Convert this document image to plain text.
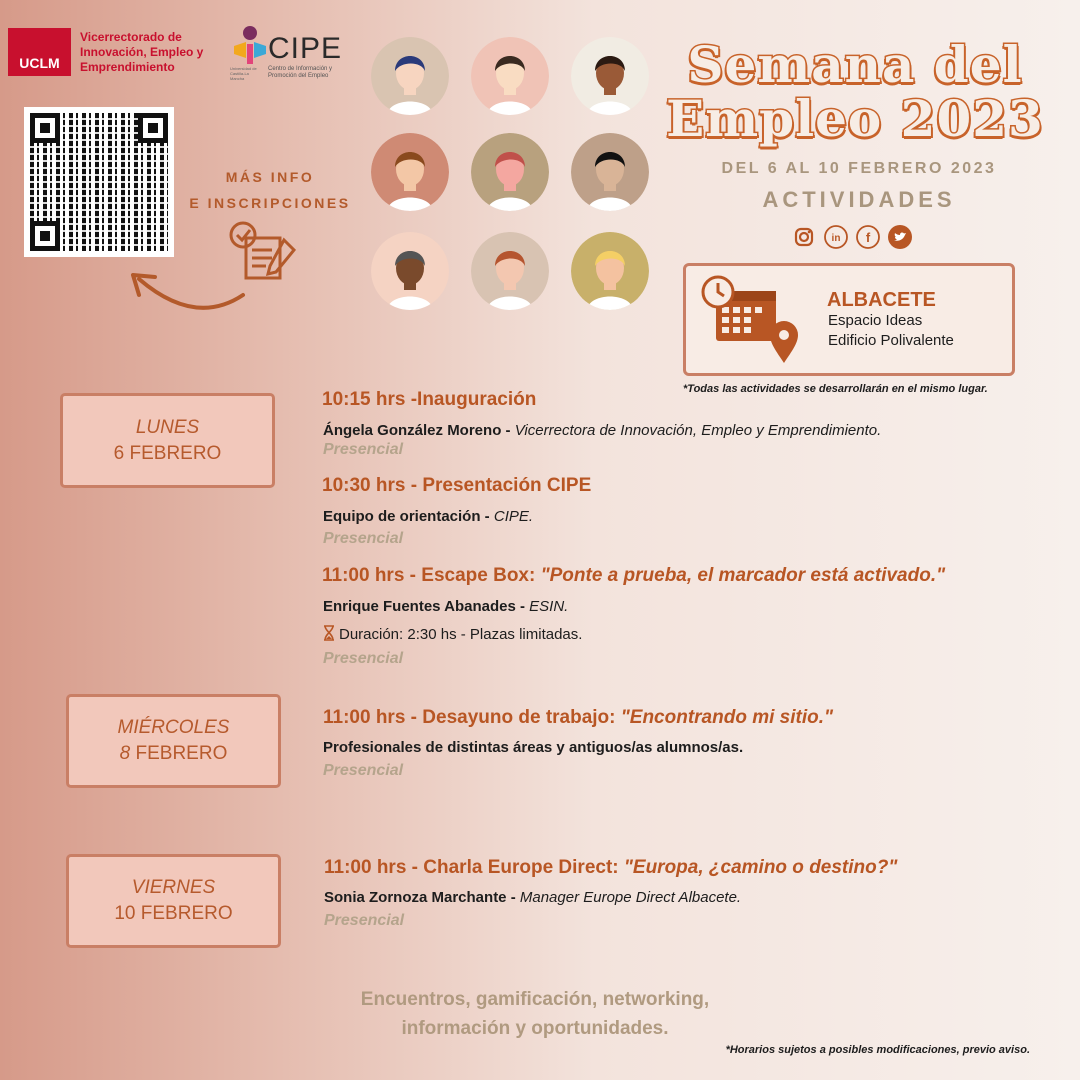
UCLM
Vicerrectorado de Innovación, Empleo y Emprendimiento
CIPE
Centro de Información y Promoción del Empleo
Universidad de Castilla-La Mancha
MÁS INFO
E INSCRIPCIONES
Semana del
Empleo 2023
DEL 6 AL 10 FEBRERO 2023
ACTIVIDADES
in f
ALBACETE
Espacio Ideas
Edificio Polivalente
*Todas las actividades se desarrollarán en el mismo lugar.
LUNES
6 FEBRERO
MIÉRCOLES
8 FEBRERO
VIERNES
10 FEBRERO
10:15 hrs -Inauguración
Ángela González Moreno - Vicerrectora de Innovación, Empleo y Emprendimiento.
Presencial
10:30 hrs - Presentación CIPE
Equipo de orientación - CIPE.
Presencial
11:00 hrs - Escape Box: "Ponte a prueba, el marcador está activado."
Enrique Fuentes Abanades - ESIN.
Duración: 2:30 hs - Plazas limitadas.
Presencial
11:00 hrs - Desayuno de trabajo: "Encontrando mi sitio."
Profesionales de distintas áreas y antiguos/as alumnos/as.
Presencial
11:00 hrs - Charla Europe Direct: "Europa, ¿camino o destino?"
Sonia Zornoza Marchante - Manager Europe Direct Albacete.
Presencial
Encuentros, gamificación, networking,
información y oportunidades.
*Horarios sujetos a posibles modificaciones, previo aviso.
